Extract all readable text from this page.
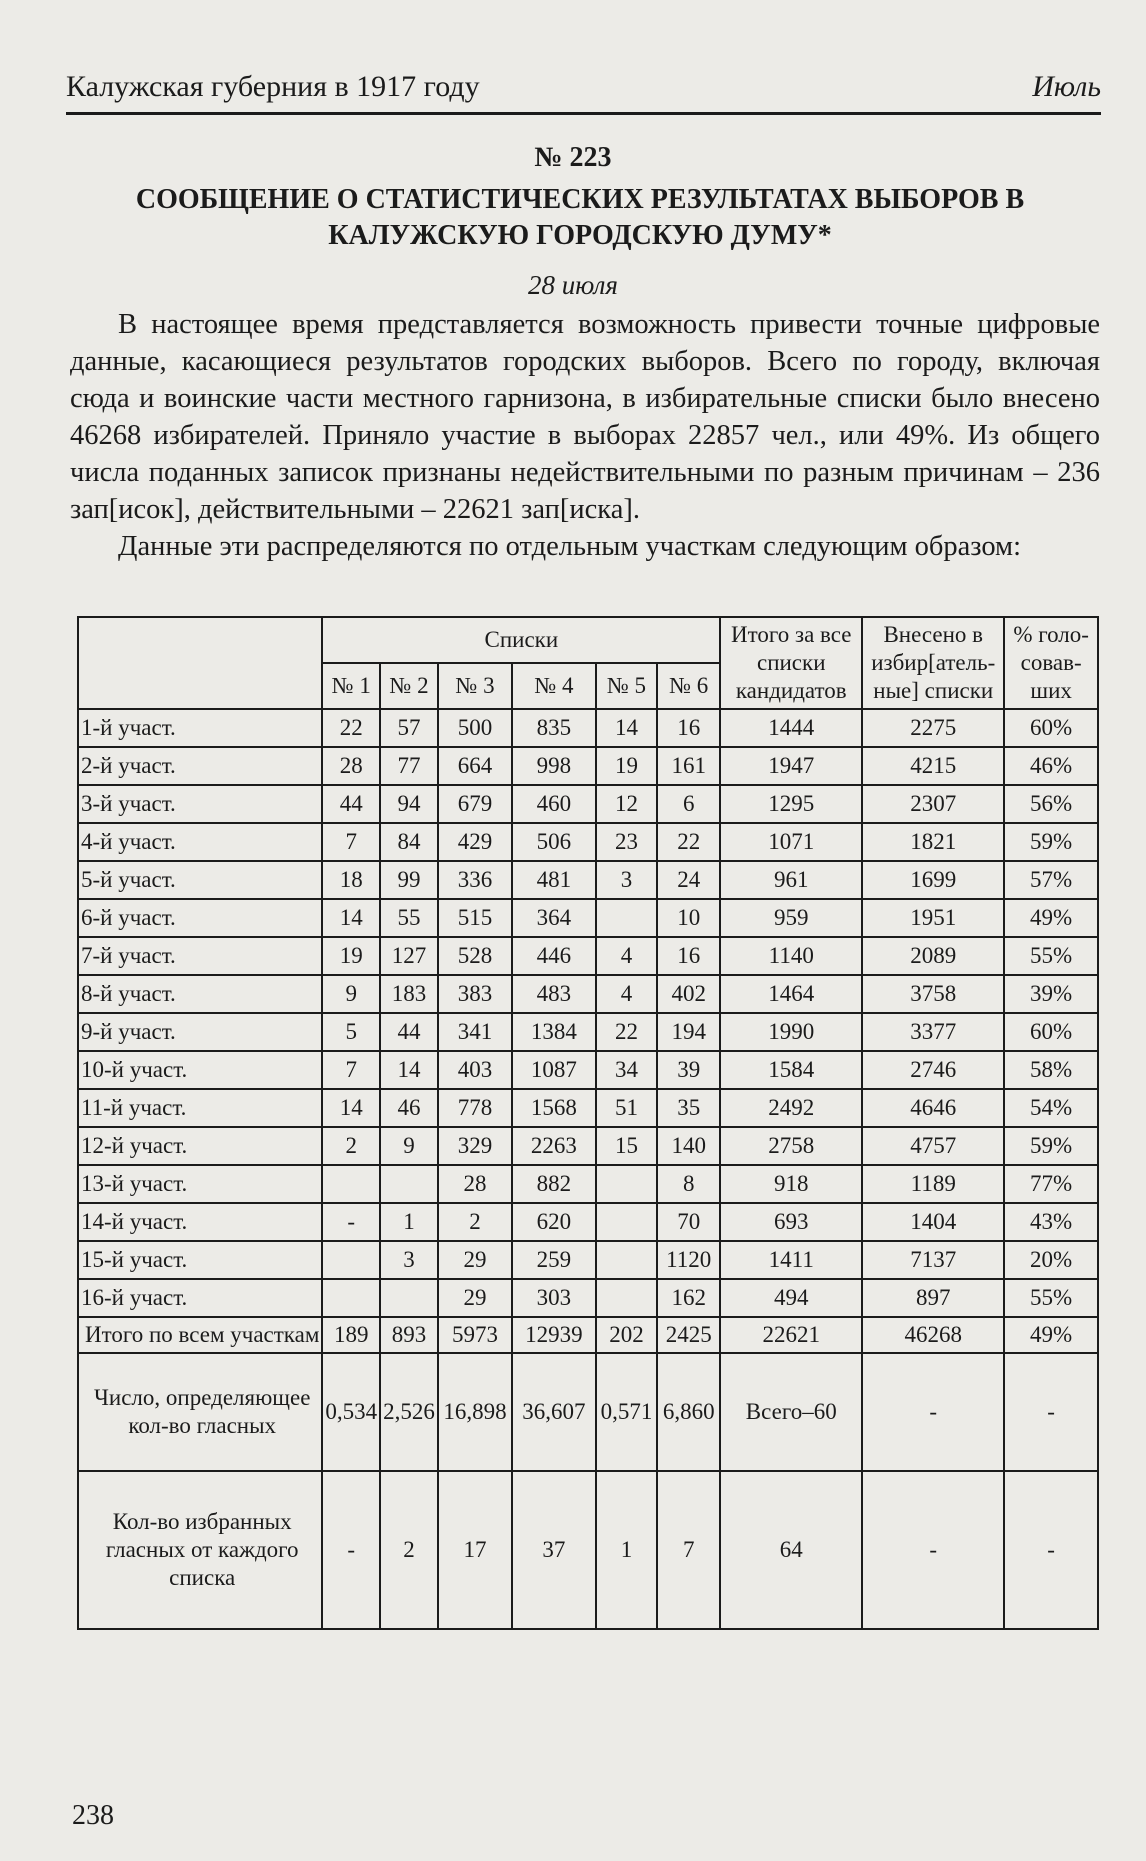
Калужская губерния в 1917 году	Июль
№ 223
СООБЩЕНИЕ О СТАТИСТИЧЕСКИХ РЕЗУЛЬТАТАХ ВЫБОРОВ В КАЛУЖСКУЮ ГОРОДСКУЮ ДУМУ*
28 июля

В настоящее время представляется возможность привести точные цифровые данные, касающиеся результатов городских выборов. Всего по городу, включая сюда и воинские части местного гарнизона, в избирательные списки было внесено 46268 избирателей. Приняло участие в выборах 22857 чел., или 49%. Из общего числа поданных записок признаны недействительными по разным причинам – 236 зап[исок], действительными – 22621 зап[иска].

Данные эти распределяются по отдельным участкам следующим образом:

	Списки						Итого за все списки кандидатов	Внесено в избир[атель-ные] списки	% голо-совав-ших
	№ 1	№ 2	№ 3	№ 4	№ 5	№ 6			
1-й участ.	22	57	500	835	14	16	1444	2275	60%
2-й участ.	28	77	664	998	19	161	1947	4215	46%
3-й участ.	44	94	679	460	12	6	1295	2307	56%
4-й участ.	7	84	429	506	23	22	1071	1821	59%
5-й участ.	18	99	336	481	3	24	961	1699	57%
6-й участ.	14	55	515	364		10	959	1951	49%
7-й участ.	19	127	528	446	4	16	1140	2089	55%
8-й участ.	9	183	383	483	4	402	1464	3758	39%
9-й участ.	5	44	341	1384	22	194	1990	3377	60%
10-й участ.	7	14	403	1087	34	39	1584	2746	58%
11-й участ.	14	46	778	1568	51	35	2492	4646	54%
12-й участ.	2	9	329	2263	15	140	2758	4757	59%
13-й участ.			28	882		8	918	1189	77%
14-й участ.	-	1	2	620		70	693	1404	43%
15-й участ.		3	29	259		1120	1411	7137	20%
16-й участ.			29	303		162	494	897	55%
Итого по всем участкам	189	893	5973	12939	202	2425	22621	46268	49%
Число, определяющее кол-во гласных	0,534	2,526	16,898	36,607	0,571	6,860	Всего–60	-	-
Кол-во избранных гласных от каждого списка	-	2	17	37	1	7	64	-	-
238
